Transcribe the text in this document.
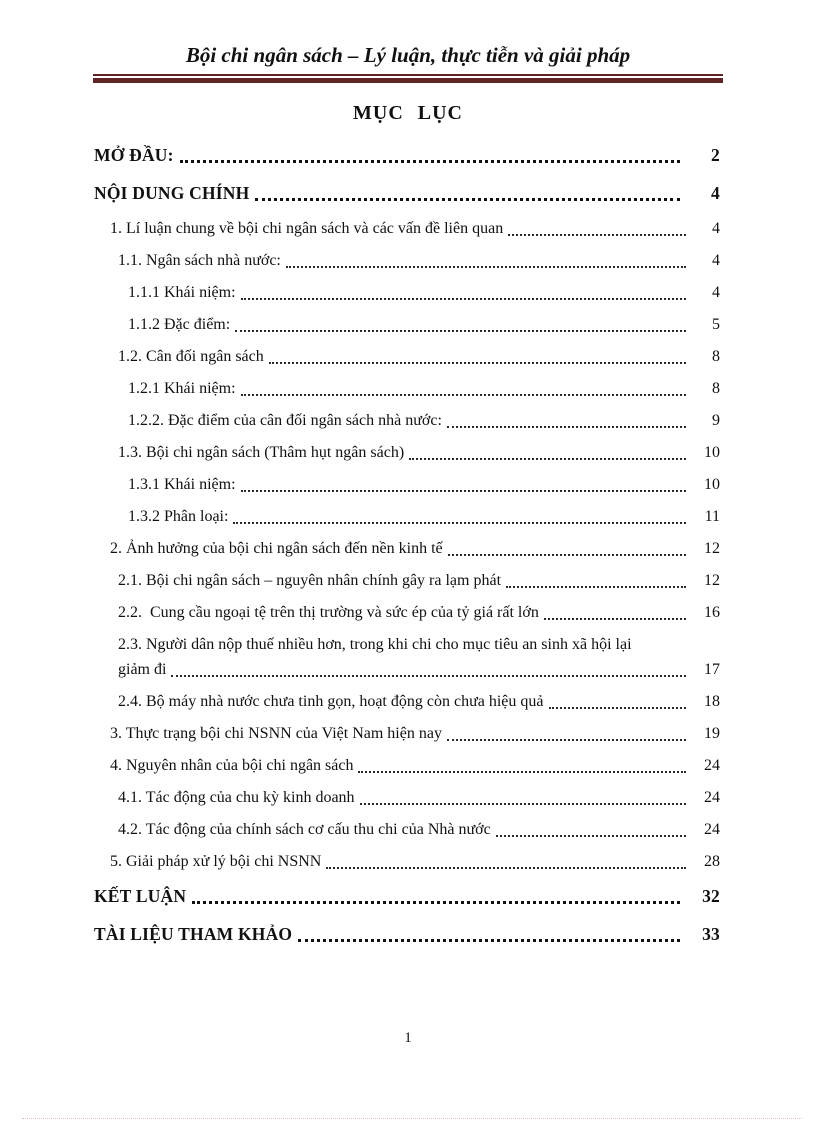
Bội chi ngân sách – Lý luận, thực tiễn và giải pháp
MỤC LỤC
MỞ ĐẦU:	2
NỘI DUNG CHÍNH	4
1. Lí luận chung về bội chi ngân sách và các vấn đề liên quan	4
1.1. Ngân sách nhà nước:	4
1.1.1 Khái niệm:	4
1.1.2 Đặc điểm:	5
1.2. Cân đối ngân sách	8
1.2.1 Khái niệm:	8
1.2.2. Đặc điểm của cân đối ngân sách nhà nước:	9
1.3. Bội chi ngân sách (Thâm hụt ngân sách)	10
1.3.1 Khái niệm:	10
1.3.2 Phân loại:	11
2. Ảnh hưởng của bội chi ngân sách đến nền kinh tế	12
2.1. Bội chi ngân sách – nguyên nhân chính gây ra lạm phát	12
2.2.  Cung cầu ngoại tệ trên thị trường và sức ép của tỷ giá rất lớn	16
2.3. Người dân nộp thuế nhiều hơn, trong khi chi cho mục tiêu an sinh xã hội lại
giảm đi	17
2.4. Bộ máy nhà nước chưa tinh gọn, hoạt động còn chưa hiệu quả	18
3. Thực trạng bội chi NSNN của Việt Nam hiện nay	19
4. Nguyên nhân của bội chi ngân sách	24
4.1. Tác động của chu kỳ kinh doanh	24
4.2. Tác động của chính sách cơ cấu thu chi của Nhà nước	24
5. Giải pháp xử lý bội chi NSNN	28
KẾT LUẬN	32
TÀI LIỆU THAM KHẢO	33
1
